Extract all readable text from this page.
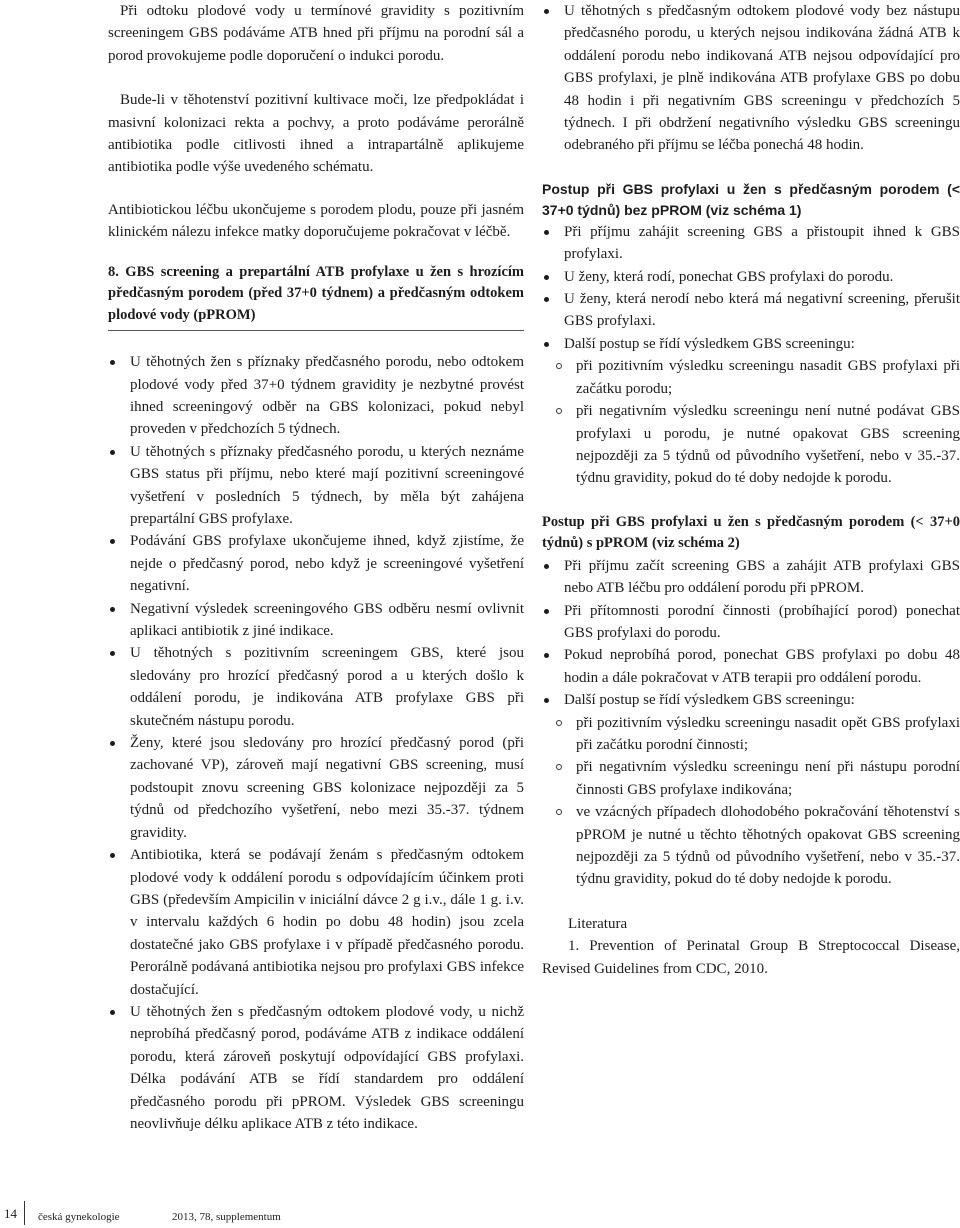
Při odtoku plodové vody u termínové gravidity s pozitivním screeningem GBS podáváme ATB hned při příjmu na porodní sál a porod provokujeme podle doporučení o indukci porodu.

Bude-li v těhotenství pozitivní kultivace moči, lze předpokládat i masivní kolonizaci rekta a pochvy, a proto podáváme perorálně antibiotika podle citlivosti ihned a intrapartálně aplikujeme antibiotika podle výše uvedeného schématu.

Antibiotickou léčbu ukončujeme s porodem plodu, pouze při jasném klinickém nálezu infekce matky doporučujeme pokračovat v léčbě.

8. GBS screening a prepartální ATB profylaxe u žen s hrozícím předčasným porodem (před 37+0 týdnem) a předčasným odtokem plodové vody (pPROM)

U těhotných žen s příznaky předčasného porodu, nebo odtokem plodové vody před 37+0 týdnem gravidity je nezbytné provést ihned screeningový odběr na GBS kolonizaci, pokud nebyl proveden v předchozích 5 týdnech.
U těhotných s příznaky předčasného porodu, u kterých neznáme GBS status při příjmu, nebo které mají pozitivní screeningové vyšetření v posledních 5 týdnech, by měla být zahájena prepartální GBS profylaxe.
Podávání GBS profylaxe ukončujeme ihned, když zjistíme, že nejde o předčasný porod, nebo když je screeningové vyšetření negativní.
Negativní výsledek screeningového GBS odběru nesmí ovlivnit aplikaci antibiotik z jiné indikace.
U těhotných s pozitivním screeningem GBS, které jsou sledovány pro hrozící předčasný porod a u kterých došlo k oddálení porodu, je indikována ATB profylaxe GBS při skutečném nástupu porodu.
Ženy, které jsou sledovány pro hrozící předčasný porod (při zachované VP), zároveň mají negativní GBS screening, musí podstoupit znovu screening GBS kolonizace nejpozději za 5 týdnů od předchozího vyšetření, nebo mezi 35.-37. týdnem gravidity.
Antibiotika, která se podávají ženám s předčasným odtokem plodové vody k oddálení porodu s odpovídajícím účinkem proti GBS (především Ampicilin v iniciální dávce 2 g i.v., dále 1 g. i.v. v intervalu každých 6 hodin po dobu 48 hodin) jsou zcela dostatečné jako GBS profylaxe i v případě předčasného porodu. Perorálně podávaná antibiotika nejsou pro profylaxi GBS infekce dostačující.
U těhotných žen s předčasným odtokem plodové vody, u nichž neprobíhá předčasný porod, podáváme ATB z indikace oddálení porodu, která zároveň poskytují odpovídající GBS profylaxi. Délka podávání ATB se řídí standardem pro oddálení předčasného porodu při pPROM. Výsledek GBS screeningu neovlivňuje délku aplikace ATB z této indikace.
U těhotných s předčasným odtokem plodové vody bez nástupu předčasného porodu, u kterých nejsou indikována žádná ATB k oddálení porodu nebo indikovaná ATB nejsou odpovídající pro GBS profylaxi, je plně indikována ATB profylaxe GBS po dobu 48 hodin i při negativním GBS screeningu v předchozích 5 týdnech. I při obdržení negativního výsledku GBS screeningu odebraného při příjmu se léčba ponechá 48 hodin.

Postup při GBS profylaxi u žen s předčasným porodem (< 37+0 týdnů) bez pPROM (viz schéma 1)

Při příjmu zahájit screening GBS a přistoupit ihned k GBS profylaxi.
U ženy, která rodí, ponechat GBS profylaxi do porodu.
U ženy, která nerodí nebo která má negativní screening, přerušit GBS profylaxi.
Další postup se řídí výsledkem GBS screeningu:
při pozitivním výsledku screeningu nasadit GBS profylaxi při začátku porodu;
při negativním výsledku screeningu není nutné podávat GBS profylaxi u porodu, je nutné opakovat GBS screening nejpozději za 5 týdnů od původního vyšetření, nebo v 35.-37. týdnu gravidity, pokud do té doby nedojde k porodu.

Postup při GBS profylaxi u žen s předčasným porodem (< 37+0 týdnů) s pPROM (viz schéma 2)

Při příjmu začít screening GBS a zahájit ATB profylaxi GBS nebo ATB léčbu pro oddálení porodu při pPROM.
Při přítomnosti porodní činnosti (probíhající porod) ponechat GBS profylaxi do porodu.
Pokud neprobíhá porod, ponechat GBS profylaxi po dobu 48 hodin a dále pokračovat v ATB terapii pro oddálení porodu.
Další postup se řídí výsledkem GBS screeningu:
při pozitivním výsledku screeningu nasadit opět GBS profylaxi při začátku porodní činnosti;
při negativním výsledku screeningu není při nástupu porodní činnosti GBS profylaxe indikována;
ve vzácných případech dlohodobého pokračování těhotenství s pPROM je nutné u těchto těhotných opakovat GBS screening nejpozději za 5 týdnů od původního vyšetření, nebo v 35.-37. týdnu gravidity, pokud do té doby nedojde k porodu.

Literatura

1. Prevention of Perinatal Group B Streptococcal Disease, Revised Guidelines from CDC, 2010.

14 česká gynekologie	2013, 78, supplementum
